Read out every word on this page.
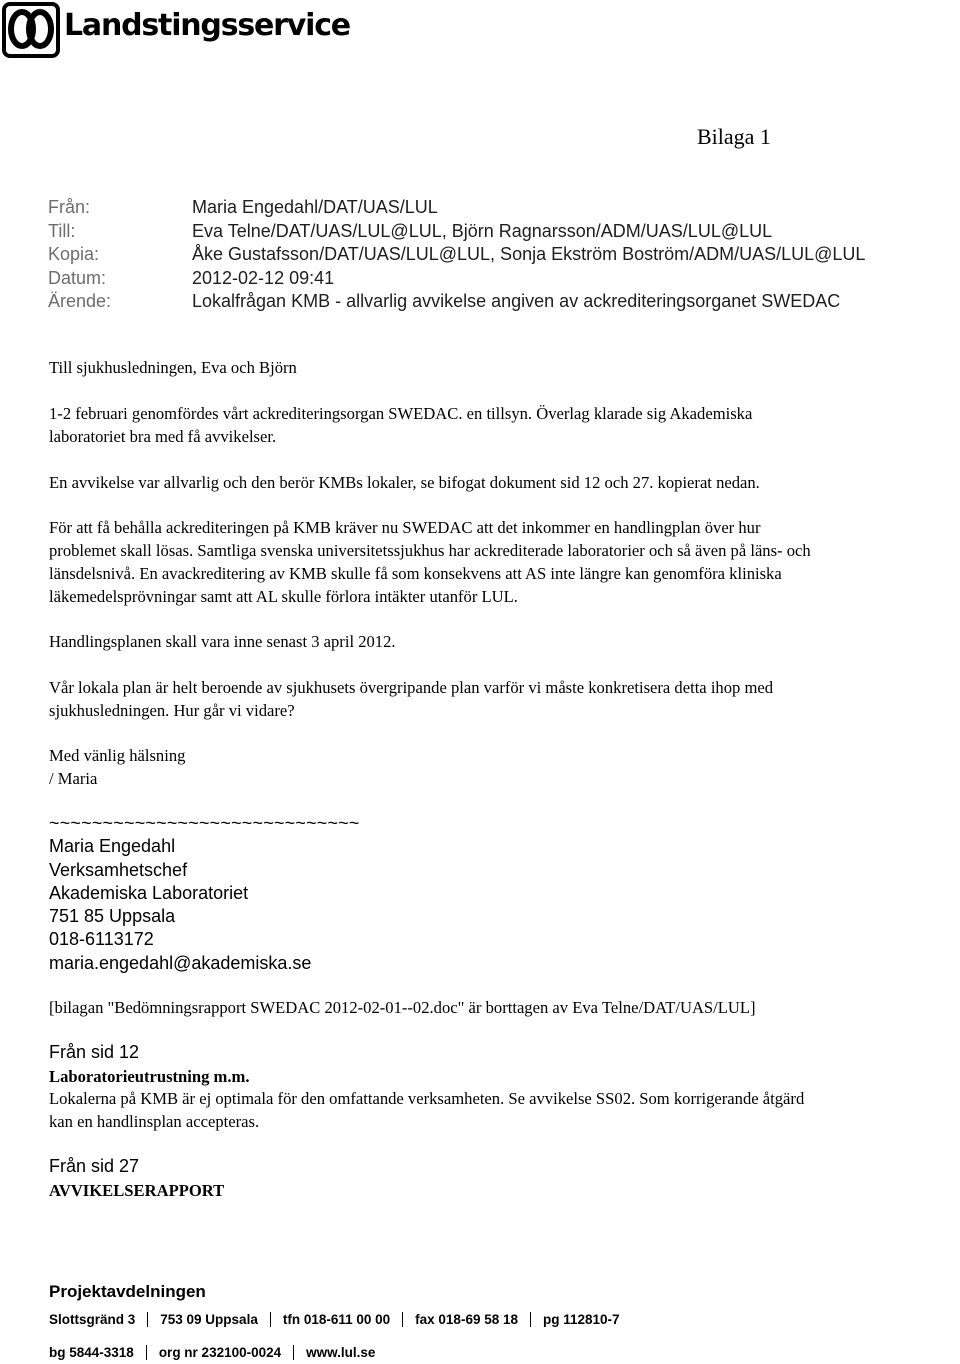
Landstingsservice
Bilaga 1
Från:	Maria Engedahl/DAT/UAS/LUL
Till:	Eva Telne/DAT/UAS/LUL@LUL, Björn Ragnarsson/ADM/UAS/LUL@LUL
Kopia:	Åke Gustafsson/DAT/UAS/LUL@LUL, Sonja Ekström Boström/ADM/UAS/LUL@LUL
Datum:	2012-02-12 09:41
Ärende:	Lokalfrågan KMB - allvarlig avvikelse angiven av ackrediteringsorganet SWEDAC
Till sjukhusledningen, Eva och Björn
1-2 februari genomfördes vårt ackrediteringsorgan SWEDAC. en tillsyn. Överlag klarade sig Akademiska
laboratoriet bra med få avvikelser.
En avvikelse var allvarlig och den berör KMBs lokaler, se bifogat dokument sid 12 och 27. kopierat nedan.
För att få behålla ackrediteringen på KMB kräver nu SWEDAC att det inkommer en handlingplan över hur
problemet skall lösas. Samtliga svenska universitetssjukhus har ackrediterade laboratorier och så även på läns- och
länsdelsnivå. En avackreditering av KMB skulle få som konsekvens att AS inte längre kan genomföra kliniska
läkemedelsprövningar samt att AL skulle förlora intäkter utanför LUL.
Handlingsplanen skall vara inne senast 3 april 2012.
Vår lokala plan är helt beroende av sjukhusets övergripande plan varför vi måste konkretisera detta ihop med
sjukhusledningen. Hur går vi vidare?
Med vänlig hälsning
/ Maria
~~~~~~~~~~~~~~~~~~~~~~~~~~~~~
Maria Engedahl
Verksamhetschef
Akademiska Laboratoriet
751 85 Uppsala
018-6113172
maria.engedahl@akademiska.se
[bilagan "Bedömningsrapport SWEDAC 2012-02-01--02.doc" är borttagen av Eva Telne/DAT/UAS/LUL]
Från sid 12
Laboratorieutrustning m.m.
Lokalerna på KMB är ej optimala för den omfattande verksamheten. Se avvikelse SS02. Som korrigerande åtgärd
kan en handlinsplan accepteras.
Från sid 27
AVVIKELSERAPPORT
Projektavdelningen
Slottsgränd 3	753 09 Uppsala	tfn 018-611 00 00	fax 018-69 58 18	pg 112810-7
bg 5844-3318	org nr 232100-0024	www.lul.se
